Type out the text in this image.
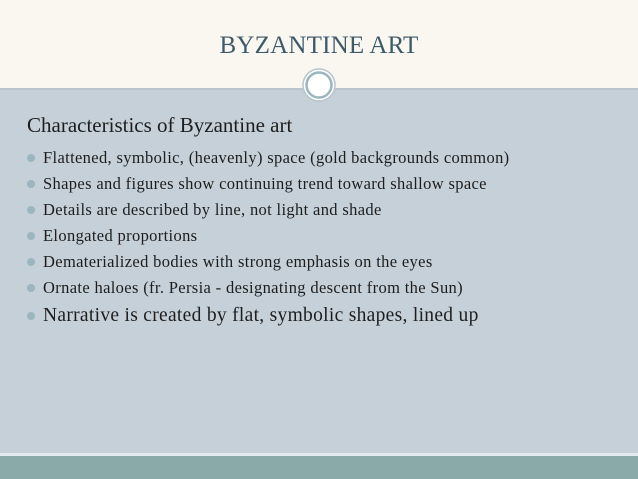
BYZANTINE ART
Characteristics of Byzantine art
Flattened, symbolic, (heavenly) space (gold backgrounds common)
Shapes and figures show continuing trend toward shallow space
Details are described by line, not light and shade
Elongated proportions
Dematerialized bodies with strong emphasis on the eyes
Ornate haloes (fr. Persia - designating descent from the Sun)
Narrative is created by flat, symbolic shapes, lined up
